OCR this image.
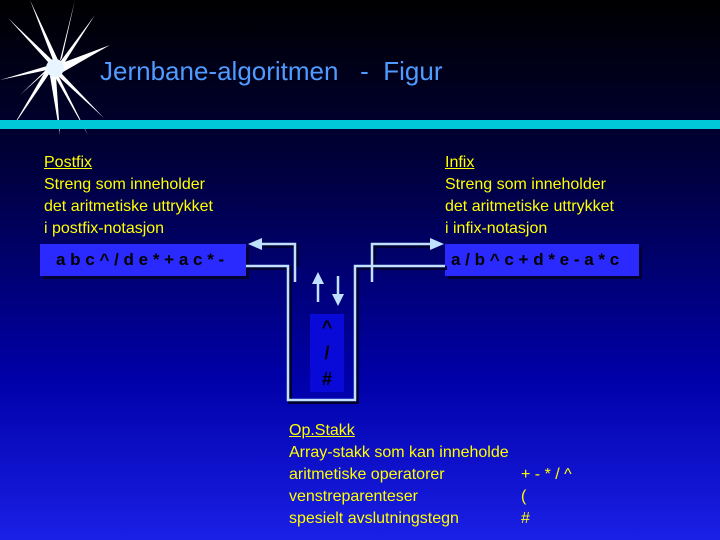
Jernbane-algoritmen   -  Figur
Postfix
Streng som inneholder
det aritmetiske uttrykket
i postfix-notasjon
Infix
Streng som inneholder
det aritmetiske uttrykket
i infix-notasjon
a b c ^ / d e * + a c * -	a / b ^ c + d * e - a * c
^
/
#
Op.Stakk
Array-stakk som kan inneholde
aritmetiske operatorer	+ - * / ^
venstreparenteser	(
spesielt avslutningstegn	#
